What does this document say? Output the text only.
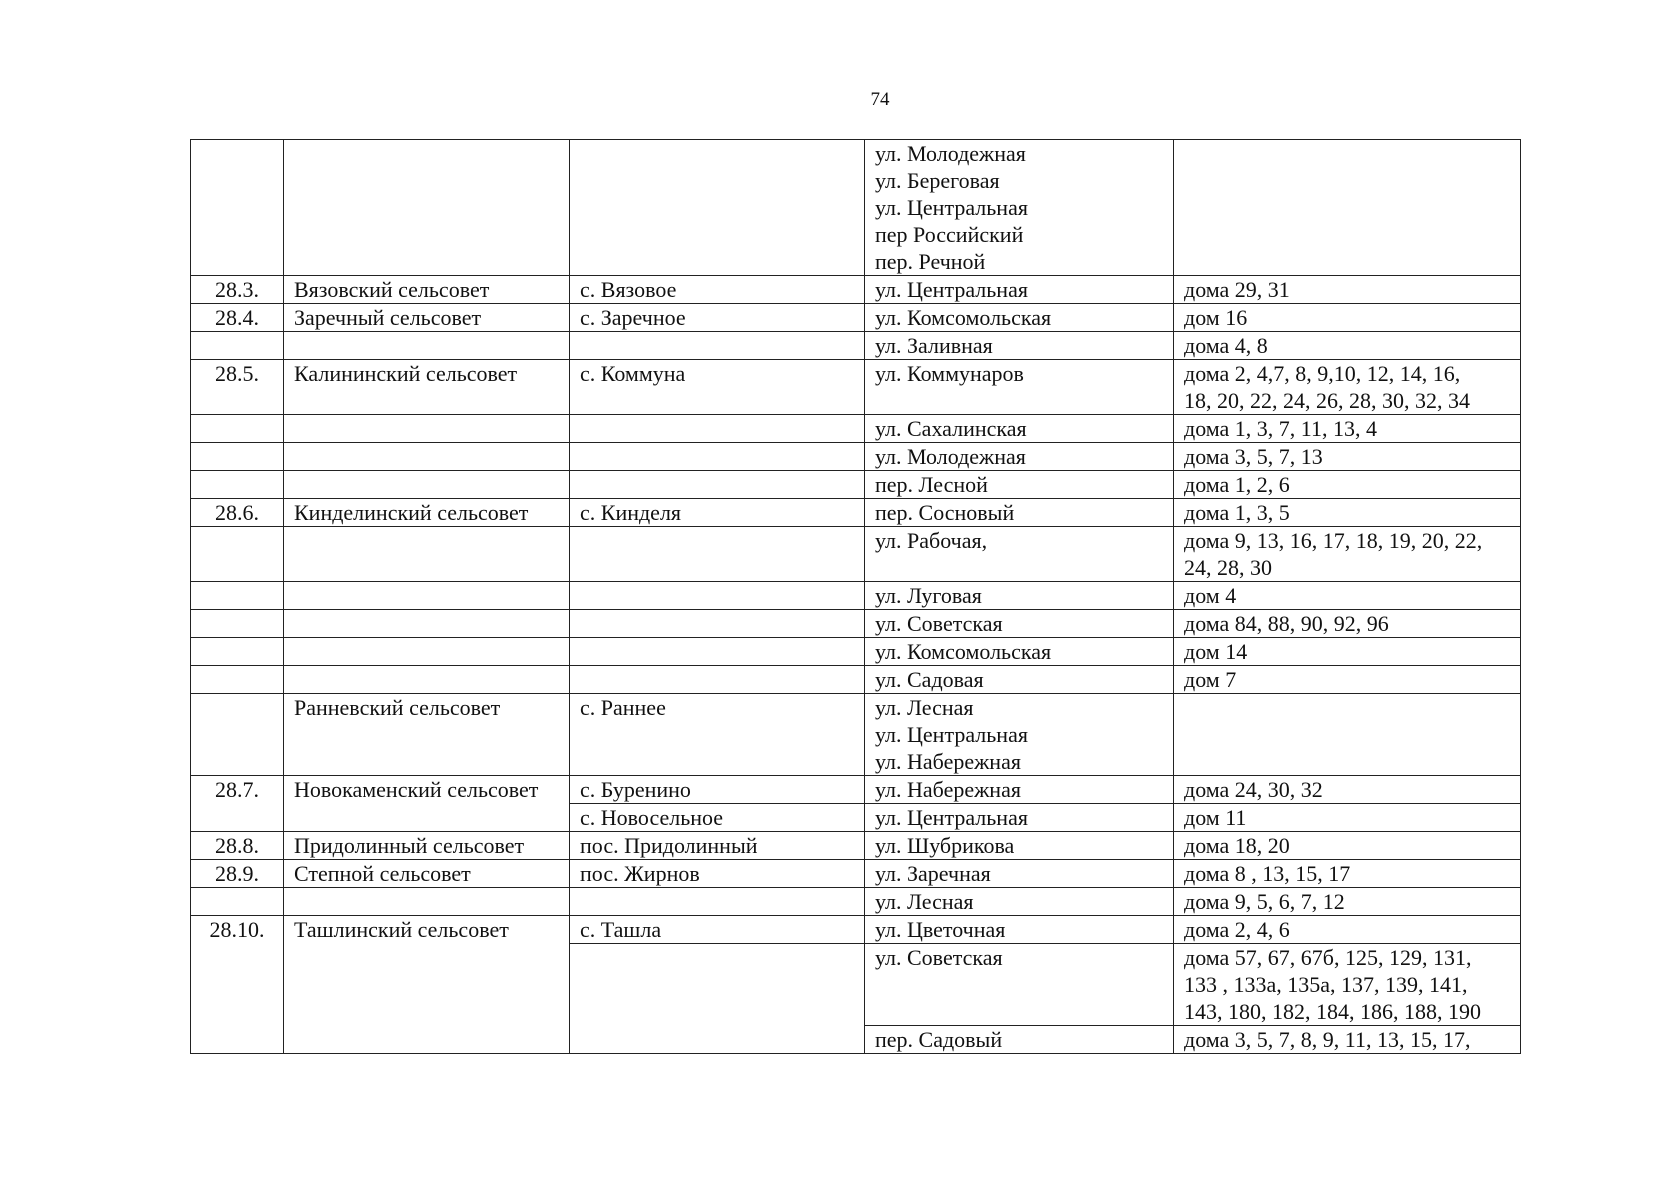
74

			ул. Молодежная
ул. Береговая
ул. Центральная
пер Российский
пер. Речной	

28.3.	Вязовский сельсовет	с. Вязовое	ул. Центральная	дома 29, 31

28.4.	Заречный сельсовет	с. Заречное	ул. Комсомольская	дом 16

			ул. Заливная	дома 4, 8

28.5.	Калининский сельсовет	с. Коммуна	ул. Коммунаров	дома 2, 4,7, 8, 9,10, 12, 14, 16,
18, 20, 22, 24, 26, 28, 30, 32, 34

			ул. Сахалинская	дома 1, 3, 7, 11, 13, 4

			ул. Молодежная	дома 3, 5, 7, 13

			пер. Лесной	дома 1, 2, 6

28.6.	Кинделинский сельсовет	с. Кинделя	пер. Сосновый	дома 1, 3, 5

			ул. Рабочая,	дома 9, 13, 16, 17, 18, 19, 20, 22,
24, 28, 30

			ул. Луговая	дом 4

			ул. Советская	дома 84, 88, 90, 92, 96

			ул. Комсомольская	дом 14

			ул. Садовая	дом 7

	Ранневский сельсовет	с. Раннее	ул. Лесная
ул. Центральная
ул. Набережная	

28.7.	Новокаменский сельсовет	с. Буренино	ул. Набережная	дома 24, 30, 32

		с. Новосельное	ул. Центральная	дом 11

28.8.	Придолинный сельсовет	пос. Придолинный	ул. Шубрикова	дома 18, 20

28.9.	Степной сельсовет	пос. Жирнов	ул. Заречная	дома 8 , 13, 15, 17

			ул. Лесная	дома 9, 5, 6, 7, 12

28.10.	Ташлинский сельсовет	с. Ташла	ул. Цветочная	дома 2, 4, 6

			ул. Советская	дома 57, 67, 67б, 125, 129, 131,
133 , 133а, 135а, 137, 139, 141,
143, 180, 182, 184, 186, 188, 190

			пер. Садовый	дома 3, 5, 7, 8, 9, 11, 13, 15, 17,
